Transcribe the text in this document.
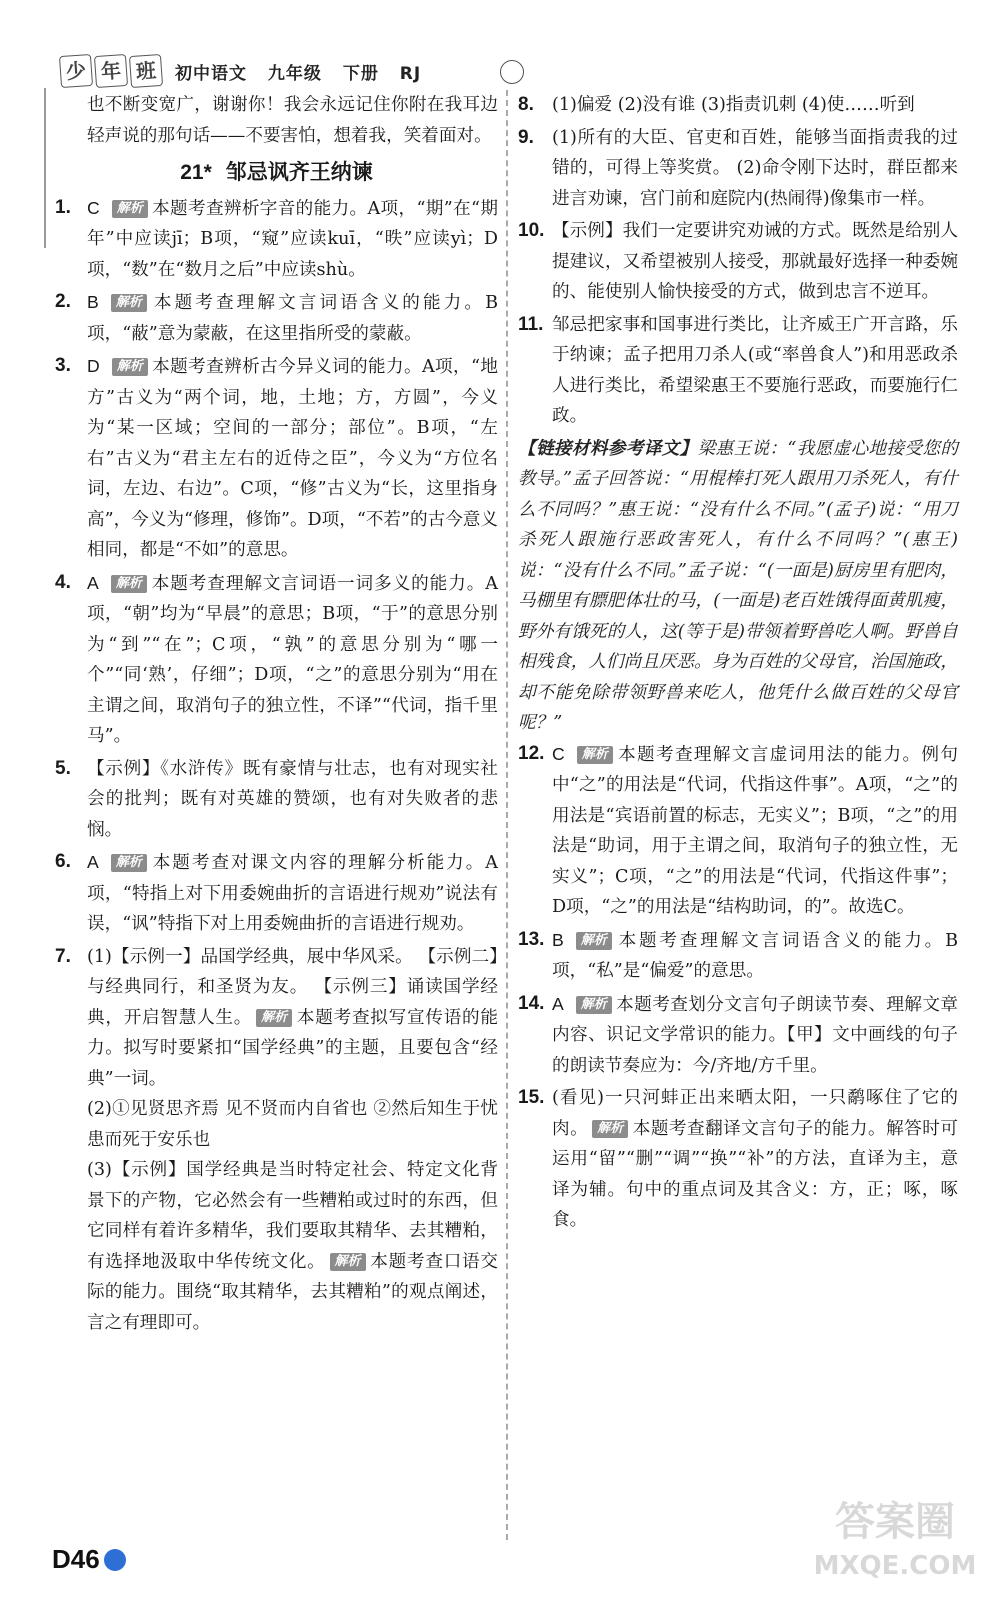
少 年 班	初中语文 九年级 下册 RJ
也不断变宽广，谢谢你！我会永远记住你附在我耳边轻声说的那句话——不要害怕，想着我，笑着面对。
21* 邹忌讽齐王纳谏
1. C 解析 本题考查辨析字音的能力。A项，“期”在“期年”中应读jī；B项，“窥”应读kuī，“昳”应读yì；D项，“数”在“数月之后”中应读shù。
2. B 解析 本题考查理解文言词语含义的能力。B项，“蔽”意为蒙蔽，在这里指所受的蒙蔽。
3. D 解析 本题考查辨析古今异义词的能力。A项，“地方”古义为“两个词，地，土地；方，方圆”，今义为“某一区域；空间的一部分；部位”。B项，“左右”古义为“君主左右的近侍之臣”，今义为“方位名词，左边、右边”。C项，“修”古义为“长，这里指身高”，今义为“修理，修饰”。D项，“不若”的古今意义相同，都是“不如”的意思。
4. A 解析 本题考查理解文言词语一词多义的能力。A项，“朝”均为“早晨”的意思；B项，“于”的意思分别为“到”“在”；C项，“孰”的意思分别为“哪一个”“同‘熟’，仔细”；D项，“之”的意思分别为“用在主谓之间，取消句子的独立性，不译”“代词，指千里马”。
5. 【示例】《水浒传》既有豪情与壮志，也有对现实社会的批判；既有对英雄的赞颂，也有对失败者的悲悯。
6. A 解析 本题考查对课文内容的理解分析能力。A项，“特指上对下用委婉曲折的言语进行规劝”说法有误，“讽”特指下对上用委婉曲折的言语进行规劝。
7. (1)【示例一】品国学经典，展中华风采。 【示例二】与经典同行，和圣贤为友。 【示例三】诵读国学经典，开启智慧人生。 解析 本题考查拟写宣传语的能力。拟写时要紧扣“国学经典”的主题，且要包含“经典”一词。
(2)①见贤思齐焉 见不贤而内自省也 ②然后知生于忧患而死于安乐也
(3)【示例】国学经典是当时特定社会、特定文化背景下的产物，它必然会有一些糟粕或过时的东西，但它同样有着许多精华，我们要取其精华、去其糟粕，有选择地汲取中华传统文化。 解析 本题考查口语交际的能力。围绕“取其精华，去其糟粕”的观点阐述，言之有理即可。
8. (1)偏爱 (2)没有谁 (3)指责讥刺 (4)使……听到
9. (1)所有的大臣、官吏和百姓，能够当面指责我的过错的，可得上等奖赏。 (2)命令刚下达时，群臣都来进言劝谏，宫门前和庭院内(热闹得)像集市一样。
10. 【示例】我们一定要讲究劝诫的方式。既然是给别人提建议，又希望被别人接受，那就最好选择一种委婉的、能使别人愉快接受的方式，做到忠言不逆耳。
11. 邹忌把家事和国事进行类比，让齐威王广开言路，乐于纳谏；孟子把用刀杀人(或“率兽食人”)和用恶政杀人进行类比，希望梁惠王不要施行恶政，而要施行仁政。
【链接材料参考译文】梁惠王说：“我愿虚心地接受您的教导。”孟子回答说：“用棍棒打死人跟用刀杀死人，有什么不同吗？”惠王说：“没有什么不同。”(孟子)说：“用刀杀死人跟施行恶政害死人，有什么不同吗？”(惠王)说：“没有什么不同。”孟子说：“(一面是)厨房里有肥肉，马棚里有膘肥体壮的马，(一面是)老百姓饿得面黄肌瘦，野外有饿死的人，这(等于是)带领着野兽吃人啊。野兽自相残食，人们尚且厌恶。身为百姓的父母官，治国施政，却不能免除带领野兽来吃人，他凭什么做百姓的父母官呢？”
12. C 解析 本题考查理解文言虚词用法的能力。例句中“之”的用法是“代词，代指这件事”。A项，“之”的用法是“宾语前置的标志，无实义”；B项，“之”的用法是“助词，用于主谓之间，取消句子的独立性，无实义”；C项，“之”的用法是“代词，代指这件事”；D项，“之”的用法是“结构助词，的”。故选C。
13. B 解析 本题考查理解文言词语含义的能力。B项，“私”是“偏爱”的意思。
14. A 解析 本题考查划分文言句子朗读节奏、理解文章内容、识记文学常识的能力。【甲】文中画线的句子的朗读节奏应为：今/齐地/方千里。
15. (看见)一只河蚌正出来晒太阳，一只鹬啄住了它的肉。 解析 本题考查翻译文言句子的能力。解答时可运用“留”“删”“调”“换”“补”的方法，直译为主，意译为辅。句中的重点词及其含义：方，正；啄，啄食。
D46
答案圈
MXQE.COM
